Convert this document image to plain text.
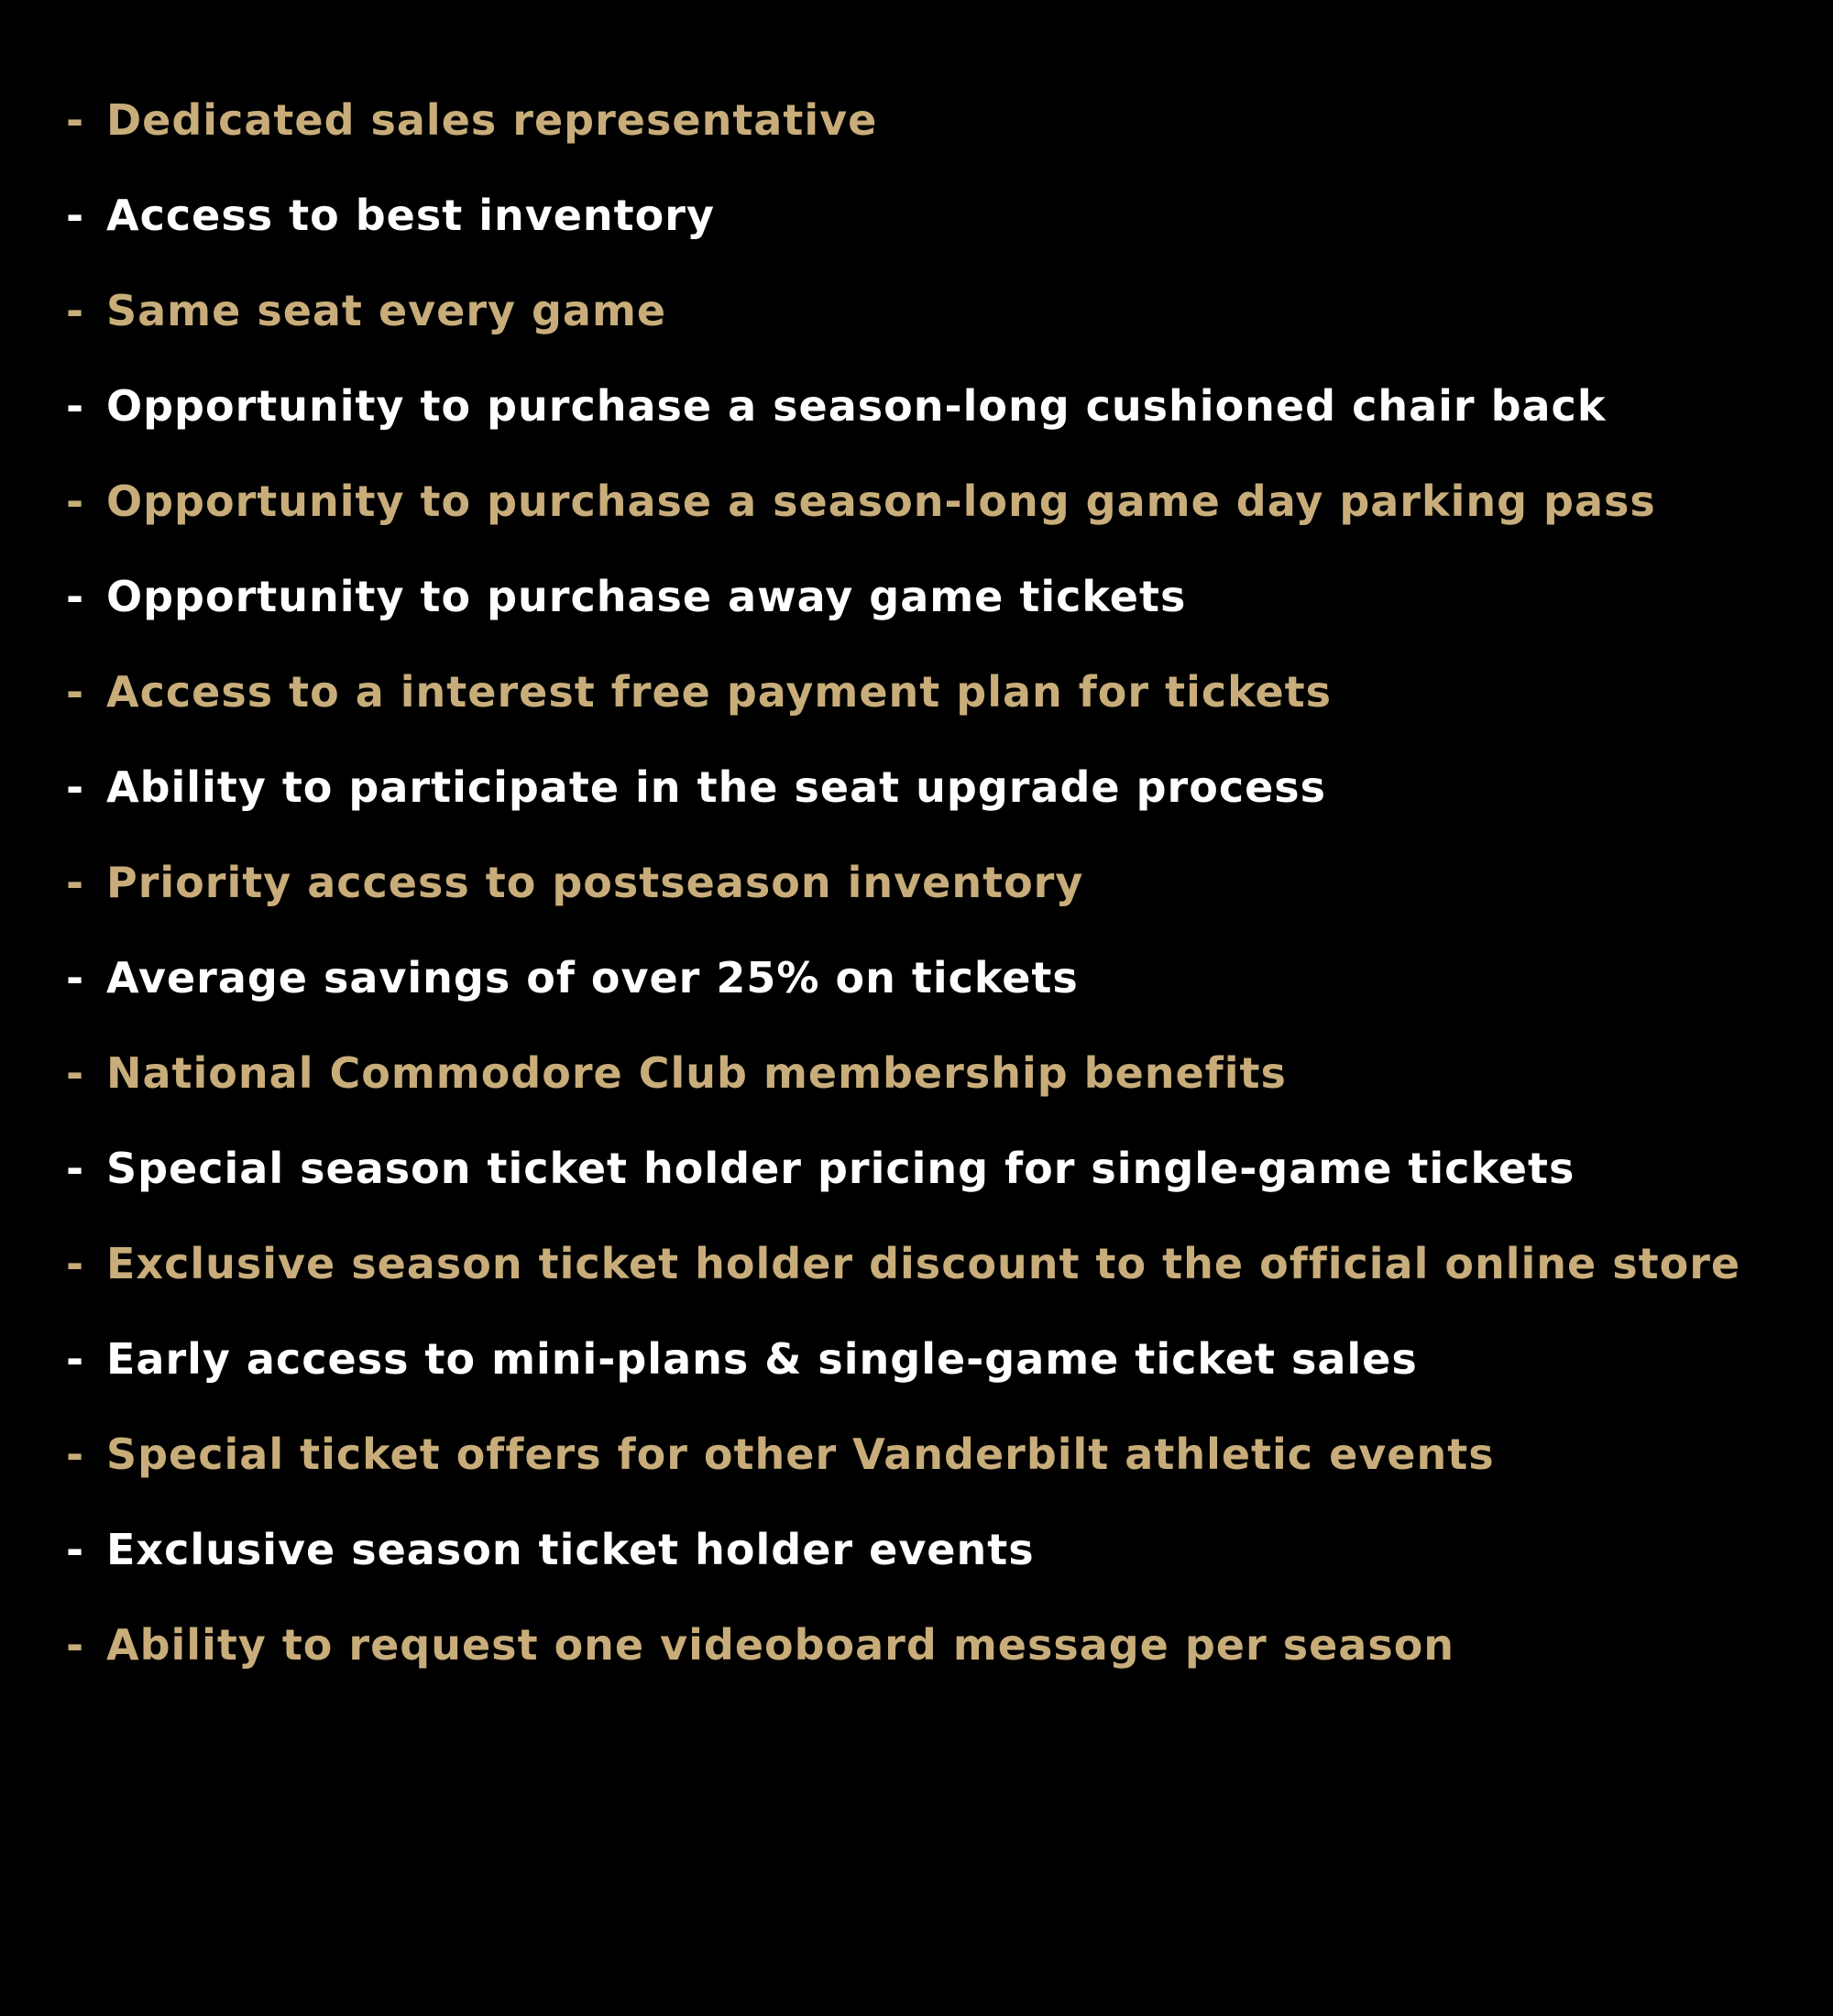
- Dedicated sales representative
- Access to best inventory
- Same seat every game
- Opportunity to purchase a season-long cushioned chair back
- Opportunity to purchase a season-long game day parking pass
- Opportunity to purchase away game tickets
- Access to a interest free payment plan for tickets
- Ability to participate in the seat upgrade process
- Priority access to postseason inventory
- Average savings of over 25% on tickets
- National Commodore Club membership benefits
- Special season ticket holder pricing for single-game tickets
- Exclusive season ticket holder discount to the official online store
- Early access to mini-plans & single-game ticket sales
- Special ticket offers for other Vanderbilt athletic events
- Exclusive season ticket holder events
- Ability to request one videoboard message per season
